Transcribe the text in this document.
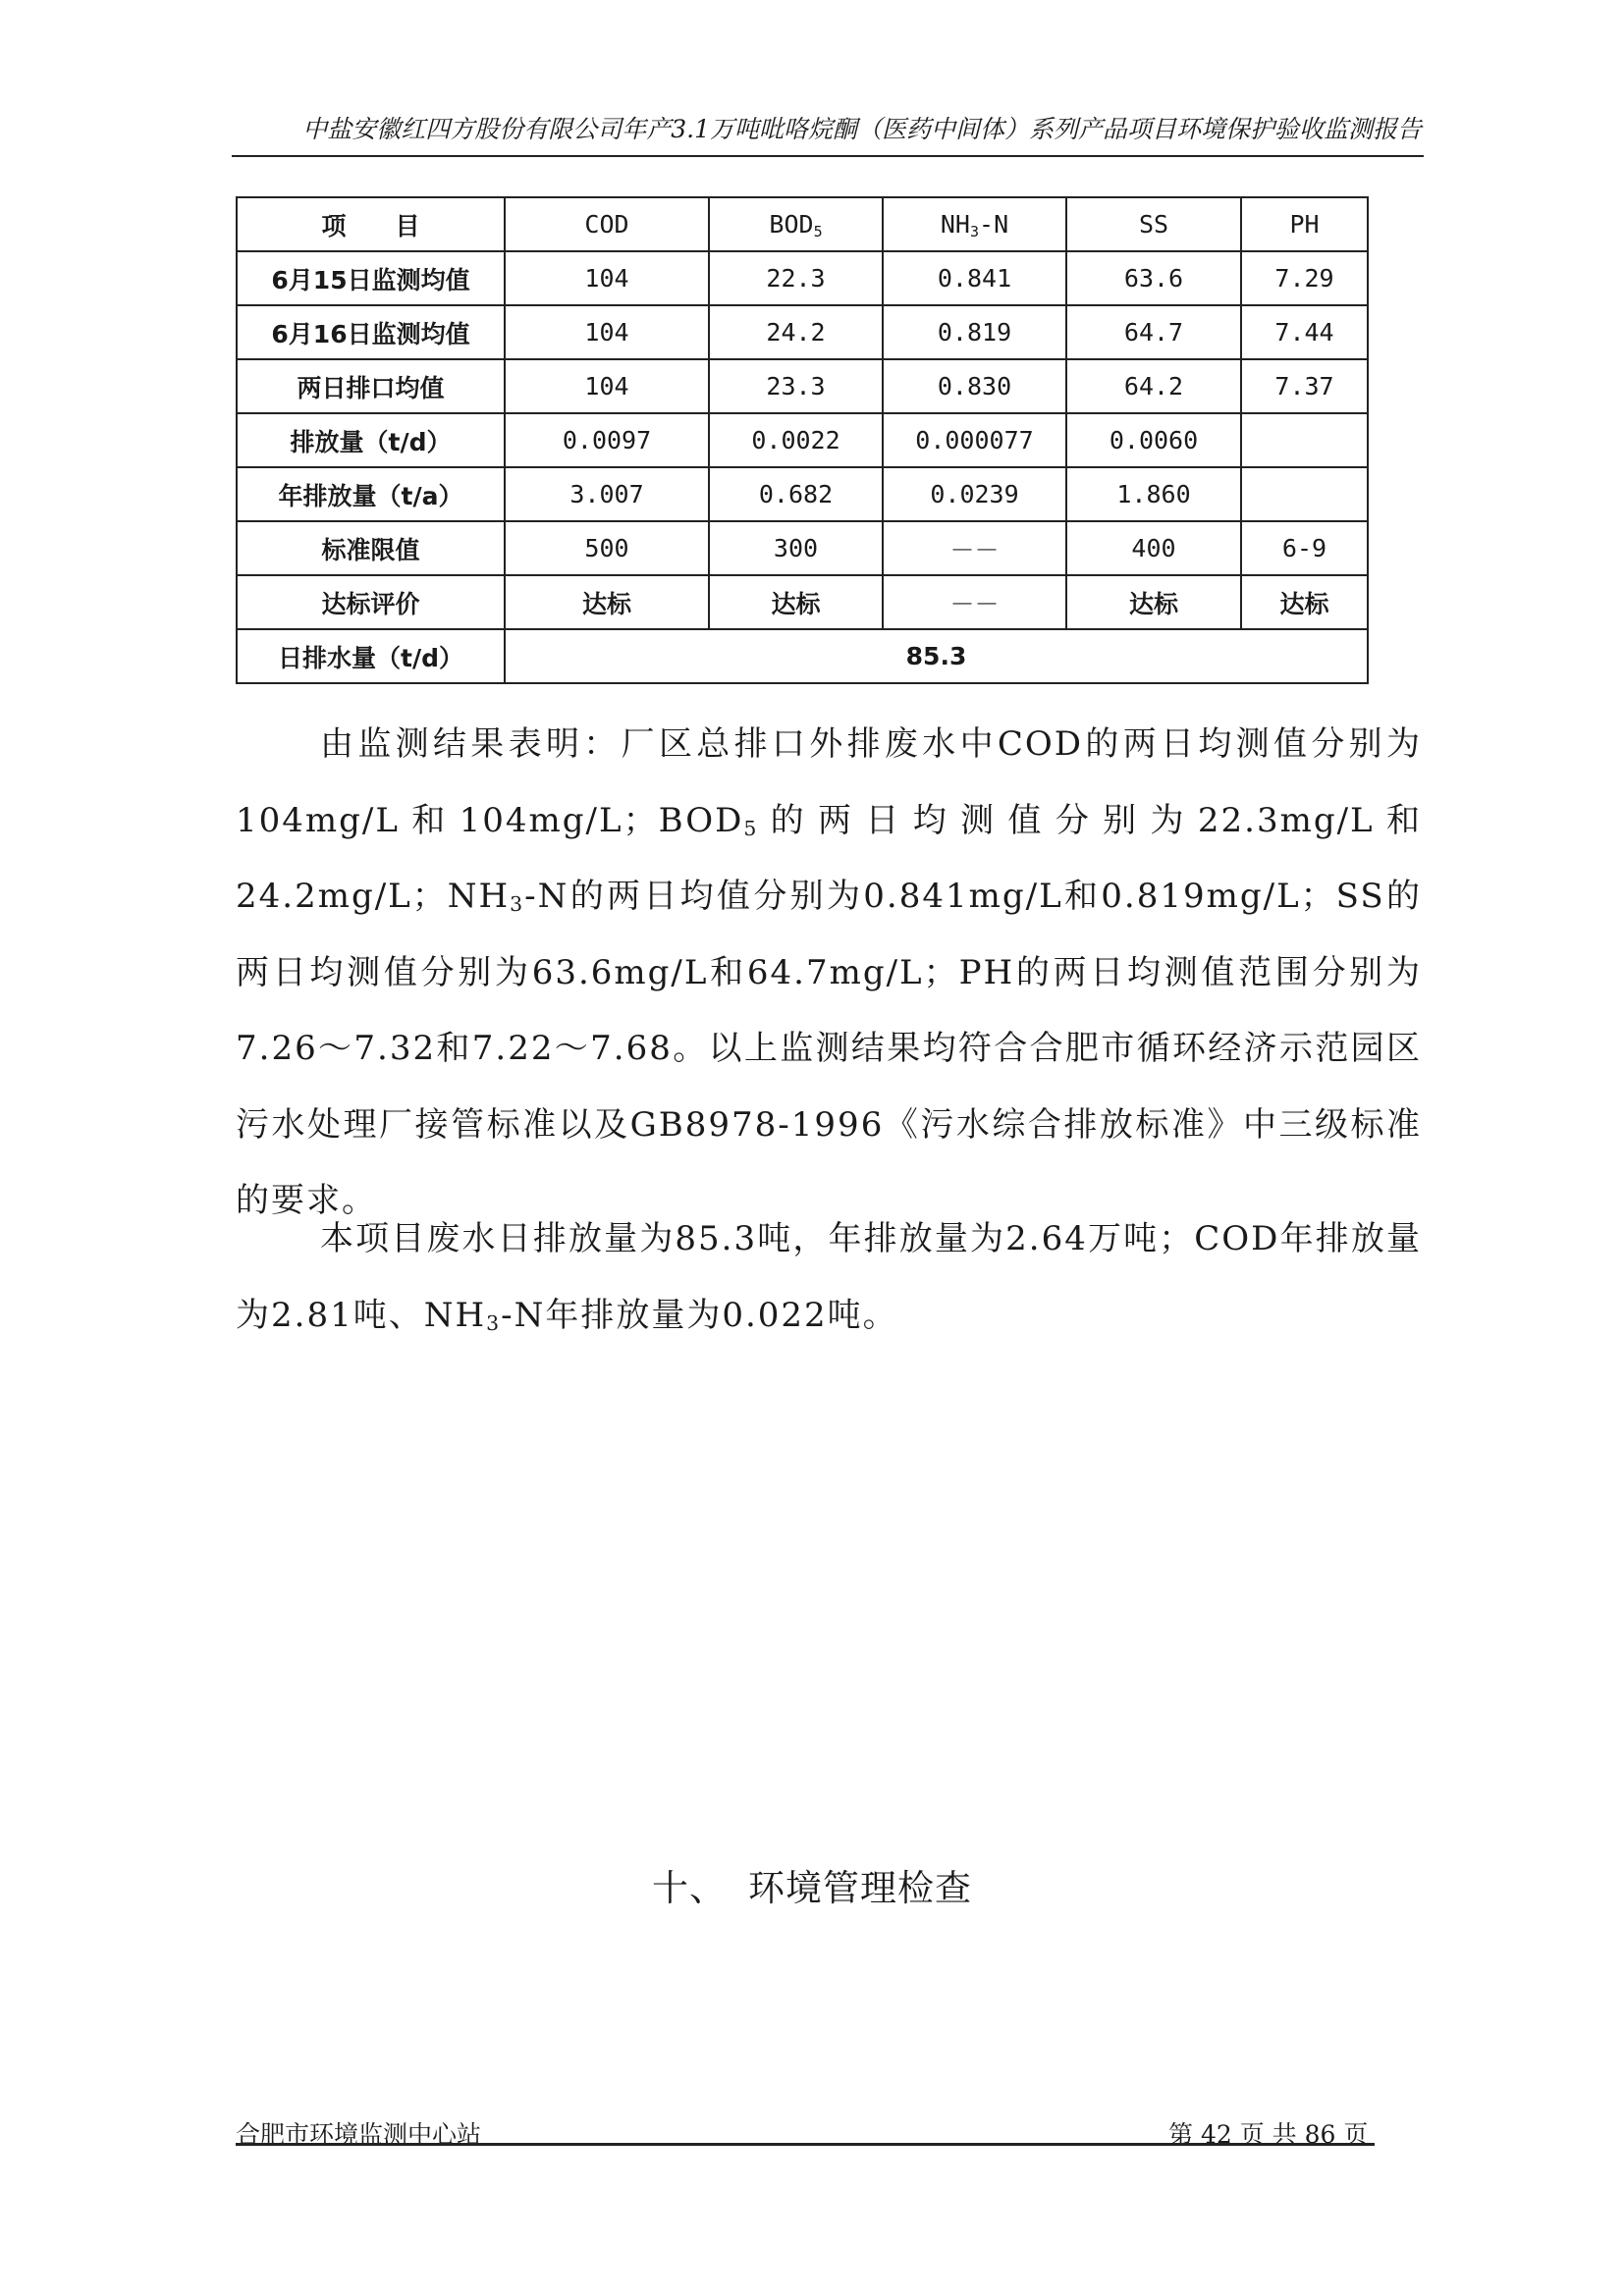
中盐安徽红四方股份有限公司年产3.1万吨吡咯烷酮（医药中间体）系列产品项目环境保护验收监测报告
项　　目	COD	$BOD_5$	$NH_3-N$	SS	PH
6月15日监测均值	104	22.3	0.841	63.6	7.29
6月16日监测均值	104	24.2	0.819	64.7	7.44
两日排口均值	104	23.3	0.830	64.2	7.37
排放量（t/d）	0.0097	0.0022	0.000077	0.0060	
年排放量（t/a）	3.007	0.682	0.0239	1.860	
标准限值	500	300	－－	400	6-9
达标评价	达标	达标	－－	达标	达标
日排水量（t/d）	85.3				

由监测结果表明：厂区总排口外排废水中COD的两日均测值分别为104mg/L和104mg/L；$BOD_5$的两日均测值分别为22.3mg/L和24.2mg/L；$NH_3-N$的两日均值分别为0.841mg/L和0.819mg/L；SS的两日均测值分别为63.6mg/L和64.7mg/L；PH的两日均测值范围分别为7.26～7.32和7.22～7.68。以上监测结果均符合合肥市循环经济示范园区污水处理厂接管标准以及GB8978-1996《污水综合排放标准》中三级标准的要求。

本项目废水日排放量为85.3吨，年排放量为2.64万吨；COD年排放量为2.81吨、$NH_3-N$年排放量为0.022吨。

十、 环境管理检查
合肥市环境监测中心站	第 42 页 共 86 页
